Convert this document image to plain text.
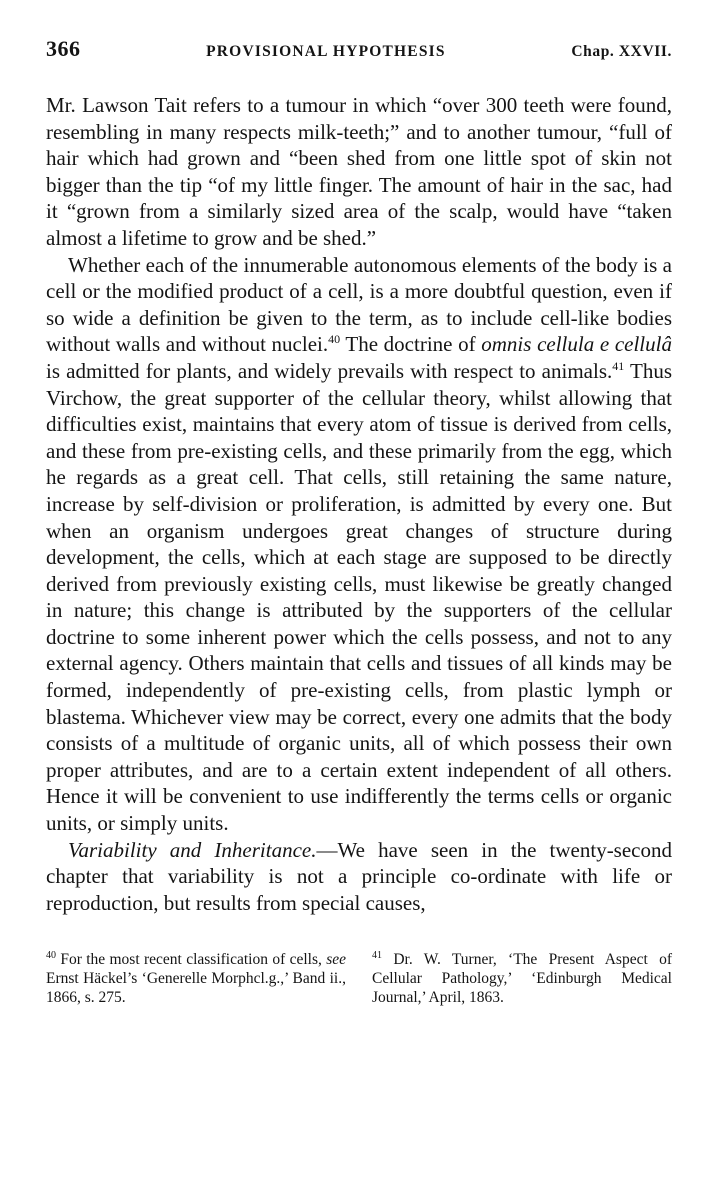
366	PROVISIONAL HYPOTHESIS	Chap. XXVII.

Mr. Lawson Tait refers to a tumour in which “over 300 teeth were found, resembling in many respects milk-teeth;” and to another tumour, “full of hair which had grown and “been shed from one little spot of skin not bigger than the tip “of my little finger. The amount of hair in the sac, had it “grown from a similarly sized area of the scalp, would have “taken almost a lifetime to grow and be shed.”

Whether each of the innumerable autonomous elements of the body is a cell or the modified product of a cell, is a more doubtful question, even if so wide a definition be given to the term, as to include cell-like bodies without walls and without nuclei.$^{40}$ The doctrine of omnis cellula e cellulâ is admitted for plants, and widely prevails with respect to animals.$^{41}$ Thus Virchow, the great supporter of the cellular theory, whilst allowing that difficulties exist, maintains that every atom of tissue is derived from cells, and these from pre-existing cells, and these primarily from the egg, which he regards as a great cell. That cells, still retaining the same nature, increase by self-division or proliferation, is admitted by every one. But when an organism undergoes great changes of structure during development, the cells, which at each stage are supposed to be directly derived from previously existing cells, must likewise be greatly changed in nature; this change is attributed by the supporters of the cellular doctrine to some inherent power which the cells possess, and not to any external agency. Others maintain that cells and tissues of all kinds may be formed, independently of pre-existing cells, from plastic lymph or blastema. Whichever view may be correct, every one admits that the body consists of a multitude of organic units, all of which possess their own proper attributes, and are to a certain extent independent of all others. Hence it will be convenient to use indifferently the terms cells or organic units, or simply units.

Variability and Inheritance.—We have seen in the twenty-second chapter that variability is not a principle co-ordinate with life or reproduction, but results from special causes,

$^{40}$ For the most recent classification of cells, see Ernst Häckel’s ‘Generelle Morphcl.g.,’ Band ii., 1866, s. 275.
$^{41}$ Dr. W. Turner, ‘The Present Aspect of Cellular Pathology,’ ‘Edinburgh Medical Journal,’ April, 1863.
